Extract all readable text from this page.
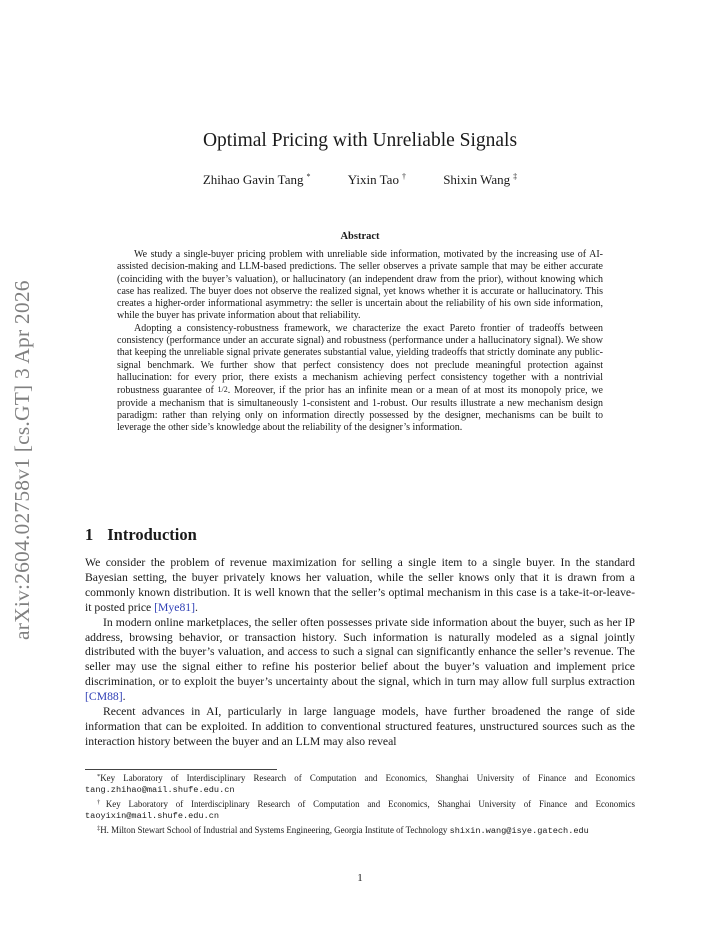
arXiv:2604.02758v1 [cs.GT] 3 Apr 2026
Optimal Pricing with Unreliable Signals
Zhihao Gavin Tang *	Yixin Tao †	Shixin Wang ‡
Abstract

We study a single-buyer pricing problem with unreliable side information, motivated by the increasing use of AI-assisted decision-making and LLM-based predictions. The seller observes a private sample that may be either accurate (coinciding with the buyer’s valuation), or hallucinatory (an independent draw from the prior), without knowing which case has realized. The buyer does not observe the realized signal, yet knows whether it is accurate or hallucinatory. This creates a higher-order informational asymmetry: the seller is uncertain about the reliability of his own side information, while the buyer has private information about that reliability.

Adopting a consistency-robustness framework, we characterize the exact Pareto frontier of tradeoffs between consistency (performance under an accurate signal) and robustness (performance under a hallucinatory signal). We show that keeping the unreliable signal private generates substantial value, yielding tradeoffs that strictly dominate any public-signal benchmark. We further show that perfect consistency does not preclude meaningful protection against hallucination: for every prior, there exists a mechanism achieving perfect consistency together with a nontrivial robustness guarantee of 1/2. Moreover, if the prior has an infinite mean or a mean of at most its monopoly price, we provide a mechanism that is simultaneously 1-consistent and 1-robust. Our results illustrate a new mechanism design paradigm: rather than relying only on information directly possessed by the designer, mechanisms can be built to leverage the other side’s knowledge about the reliability of the designer’s information.

1 Introduction

We consider the problem of revenue maximization for selling a single item to a single buyer. In the standard Bayesian setting, the buyer privately knows her valuation, while the seller knows only that it is drawn from a commonly known distribution. It is well known that the seller’s optimal mechanism in this case is a take-it-or-leave-it posted price [Mye81].

In modern online marketplaces, the seller often possesses private side information about the buyer, such as her IP address, browsing behavior, or transaction history. Such information is naturally modeled as a signal jointly distributed with the buyer’s valuation, and access to such a signal can significantly enhance the seller’s revenue. The seller may use the signal either to refine his posterior belief about the buyer’s valuation and implement price discrimination, or to exploit the buyer’s uncertainty about the signal, which in turn may allow full surplus extraction [CM88].

Recent advances in AI, particularly in large language models, have further broadened the range of side information that can be exploited. In addition to conventional structured features, unstructured sources such as the interaction history between the buyer and an LLM may also reveal

*Key Laboratory of Interdisciplinary Research of Computation and Economics, Shanghai University of Finance and Economics tang.zhihao@mail.shufe.edu.cn

†Key Laboratory of Interdisciplinary Research of Computation and Economics, Shanghai University of Finance and Economics taoyixin@mail.shufe.edu.cn

‡H. Milton Stewart School of Industrial and Systems Engineering, Georgia Institute of Technology shixin.wang@isye.gatech.edu

1
